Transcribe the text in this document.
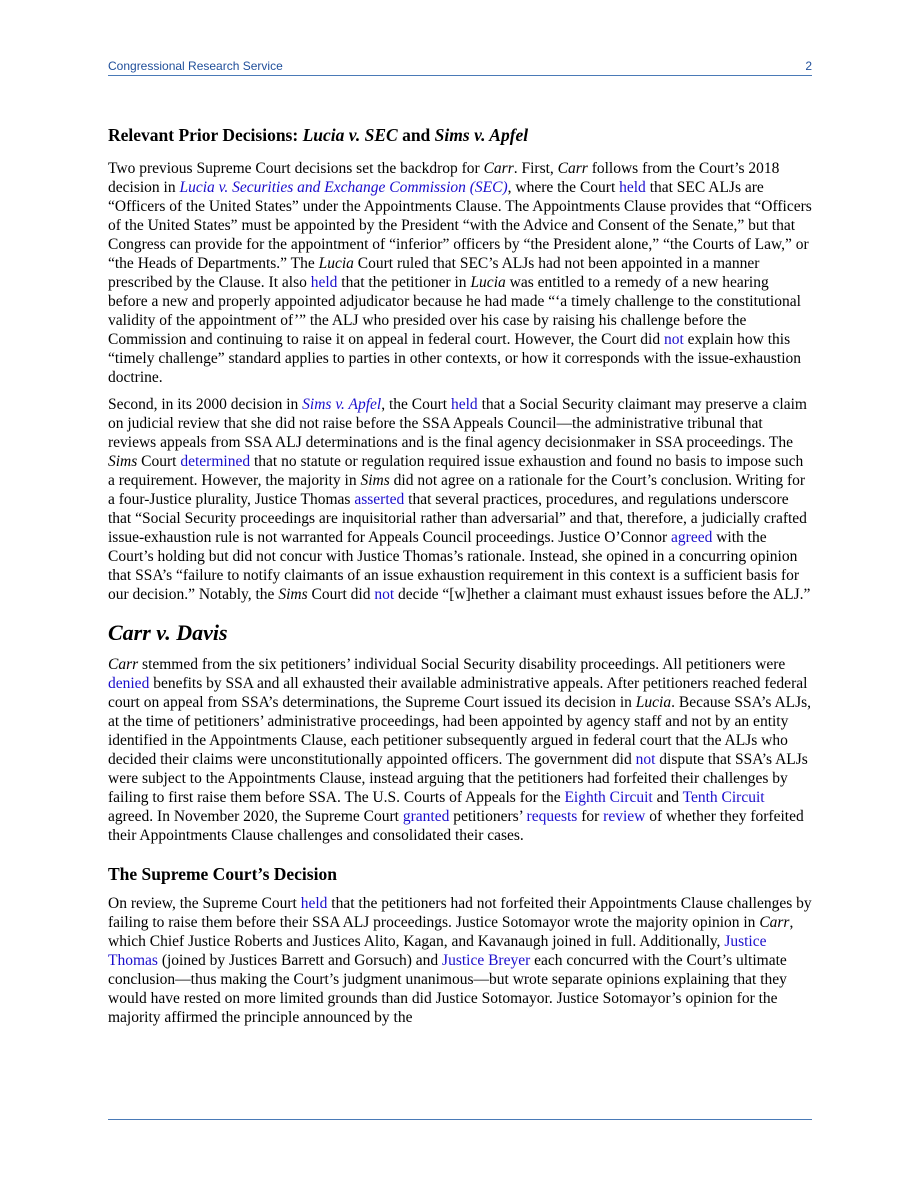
Congressional Research Service	2
Relevant Prior Decisions: Lucia v. SEC and Sims v. Apfel

Two previous Supreme Court decisions set the backdrop for Carr. First, Carr follows from the Court’s 2018 decision in Lucia v. Securities and Exchange Commission (SEC), where the Court held that SEC ALJs are “Officers of the United States” under the Appointments Clause. The Appointments Clause provides that “Officers of the United States” must be appointed by the President “with the Advice and Consent of the Senate,” but that Congress can provide for the appointment of “inferior” officers by “the President alone,” “the Courts of Law,” or “the Heads of Departments.” The Lucia Court ruled that SEC’s ALJs had not been appointed in a manner prescribed by the Clause. It also held that the petitioner in Lucia was entitled to a remedy of a new hearing before a new and properly appointed adjudicator because he had made “‘a timely challenge to the constitutional validity of the appointment of’” the ALJ who presided over his case by raising his challenge before the Commission and continuing to raise it on appeal in federal court. However, the Court did not explain how this “timely challenge” standard applies to parties in other contexts, or how it corresponds with the issue-exhaustion doctrine.

Second, in its 2000 decision in Sims v. Apfel, the Court held that a Social Security claimant may preserve a claim on judicial review that she did not raise before the SSA Appeals Council—the administrative tribunal that reviews appeals from SSA ALJ determinations and is the final agency decisionmaker in SSA proceedings. The Sims Court determined that no statute or regulation required issue exhaustion and found no basis to impose such a requirement. However, the majority in Sims did not agree on a rationale for the Court’s conclusion. Writing for a four-Justice plurality, Justice Thomas asserted that several practices, procedures, and regulations underscore that “Social Security proceedings are inquisitorial rather than adversarial” and that, therefore, a judicially crafted issue-exhaustion rule is not warranted for Appeals Council proceedings. Justice O’Connor agreed with the Court’s holding but did not concur with Justice Thomas’s rationale. Instead, she opined in a concurring opinion that SSA’s “failure to notify claimants of an issue exhaustion requirement in this context is a sufficient basis for our decision.” Notably, the Sims Court did not decide “[w]hether a claimant must exhaust issues before the ALJ.”

Carr v. Davis

Carr stemmed from the six petitioners’ individual Social Security disability proceedings. All petitioners were denied benefits by SSA and all exhausted their available administrative appeals. After petitioners reached federal court on appeal from SSA’s determinations, the Supreme Court issued its decision in Lucia. Because SSA’s ALJs, at the time of petitioners’ administrative proceedings, had been appointed by agency staff and not by an entity identified in the Appointments Clause, each petitioner subsequently argued in federal court that the ALJs who decided their claims were unconstitutionally appointed officers. The government did not dispute that SSA’s ALJs were subject to the Appointments Clause, instead arguing that the petitioners had forfeited their challenges by failing to first raise them before SSA. The U.S. Courts of Appeals for the Eighth Circuit and Tenth Circuit agreed. In November 2020, the Supreme Court granted petitioners’ requests for review of whether they forfeited their Appointments Clause challenges and consolidated their cases.

The Supreme Court’s Decision

On review, the Supreme Court held that the petitioners had not forfeited their Appointments Clause challenges by failing to raise them before their SSA ALJ proceedings. Justice Sotomayor wrote the majority opinion in Carr, which Chief Justice Roberts and Justices Alito, Kagan, and Kavanaugh joined in full. Additionally, Justice Thomas (joined by Justices Barrett and Gorsuch) and Justice Breyer each concurred with the Court’s ultimate conclusion—thus making the Court’s judgment unanimous—but wrote separate opinions explaining that they would have rested on more limited grounds than did Justice Sotomayor. Justice Sotomayor’s opinion for the majority affirmed the principle announced by the
